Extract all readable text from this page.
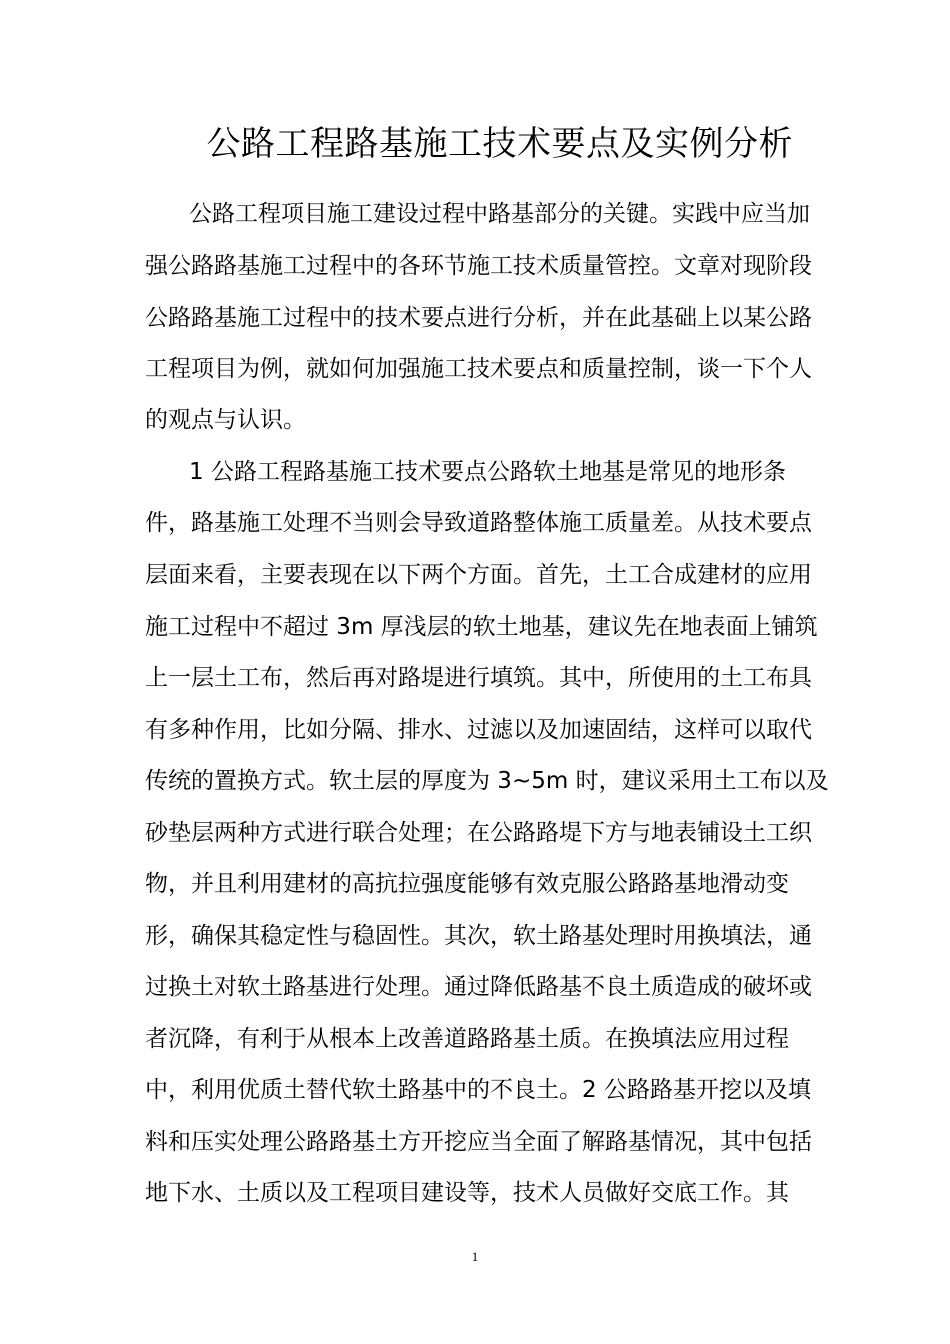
公路工程路基施工技术要点及实例分析
公路工程项目施工建设过程中路基部分的关键。实践中应当加
强公路路基施工过程中的各环节施工技术质量管控。文章对现阶段
公路路基施工过程中的技术要点进行分析，并在此基础上以某公路
工程项目为例，就如何加强施工技术要点和质量控制，谈一下个人
的观点与认识。
1 公路工程路基施工技术要点公路软土地基是常见的地形条
件，路基施工处理不当则会导致道路整体施工质量差。从技术要点
层面来看，主要表现在以下两个方面。首先，土工合成建材的应用
施工过程中不超过 3m 厚浅层的软土地基，建议先在地表面上铺筑
上一层土工布，然后再对路堤进行填筑。其中，所使用的土工布具
有多种作用，比如分隔、排水、过滤以及加速固结，这样可以取代
传统的置换方式。软土层的厚度为 3~5m 时，建议采用土工布以及
砂垫层两种方式进行联合处理；在公路路堤下方与地表铺设土工织
物，并且利用建材的高抗拉强度能够有效克服公路路基地滑动变
形，确保其稳定性与稳固性。其次，软土路基处理时用换填法，通
过换土对软土路基进行处理。通过降低路基不良土质造成的破坏或
者沉降，有利于从根本上改善道路路基土质。在换填法应用过程
中，利用优质土替代软土路基中的不良土。2 公路路基开挖以及填
料和压实处理公路路基土方开挖应当全面了解路基情况，其中包括
地下水、土质以及工程项目建设等，技术人员做好交底工作。其
1
